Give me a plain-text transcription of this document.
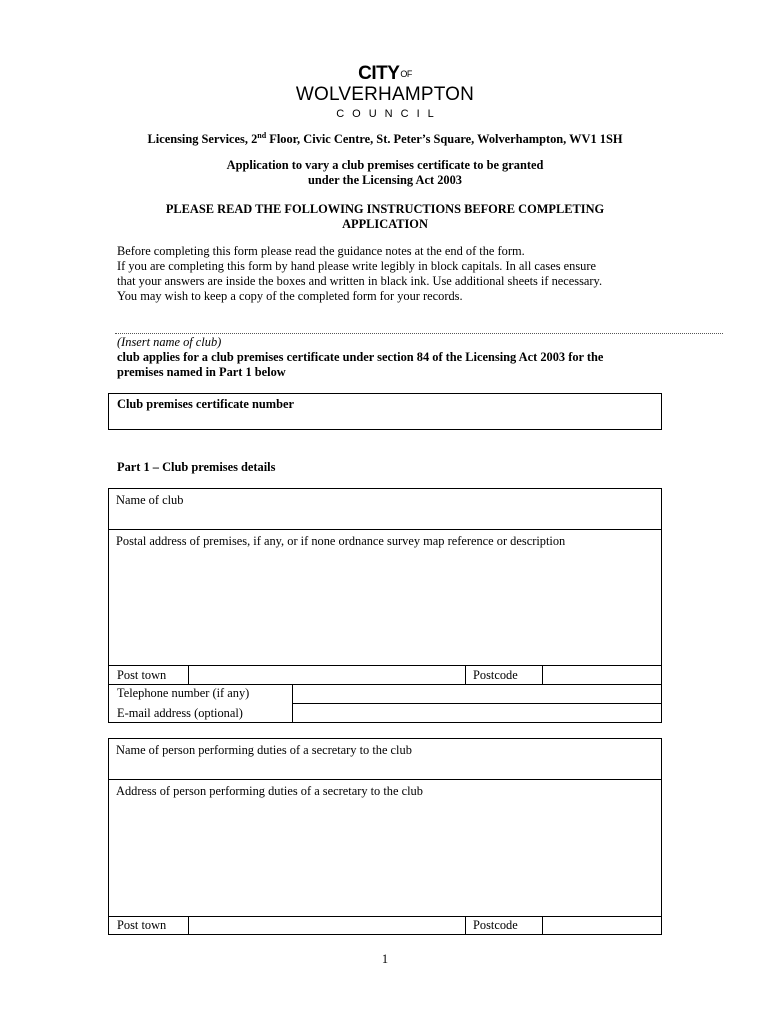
$CITY^{OF}$
WOLVERHAMPTON
COUNCIL
Licensing Services, 2nd Floor, Civic Centre, St. Peter’s Square, Wolverhampton, WV1 1SH
Application to vary a club premises certificate to be granted
under the Licensing Act 2003
PLEASE READ THE FOLLOWING INSTRUCTIONS BEFORE COMPLETING
APPLICATION
Before completing this form please read the guidance notes at the end of the form.
If you are completing this form by hand please write legibly in block capitals. In all cases ensure
that your answers are inside the boxes and written in black ink. Use additional sheets if necessary.
You may wish to keep a copy of the completed form for your records.
(Insert name of club)
club applies for a club premises certificate under section 84 of the Licensing Act 2003 for the
premises named in Part 1 below
Club premises certificate number
Part 1 – Club premises details
Name of club
Postal address of premises, if any, or if none ordnance survey map reference or description
Post town	Postcode
Telephone number (if any)
E-mail address (optional)
Name of person performing duties of a secretary to the club
Address of person performing duties of a secretary to the club
Post town	Postcode
1
